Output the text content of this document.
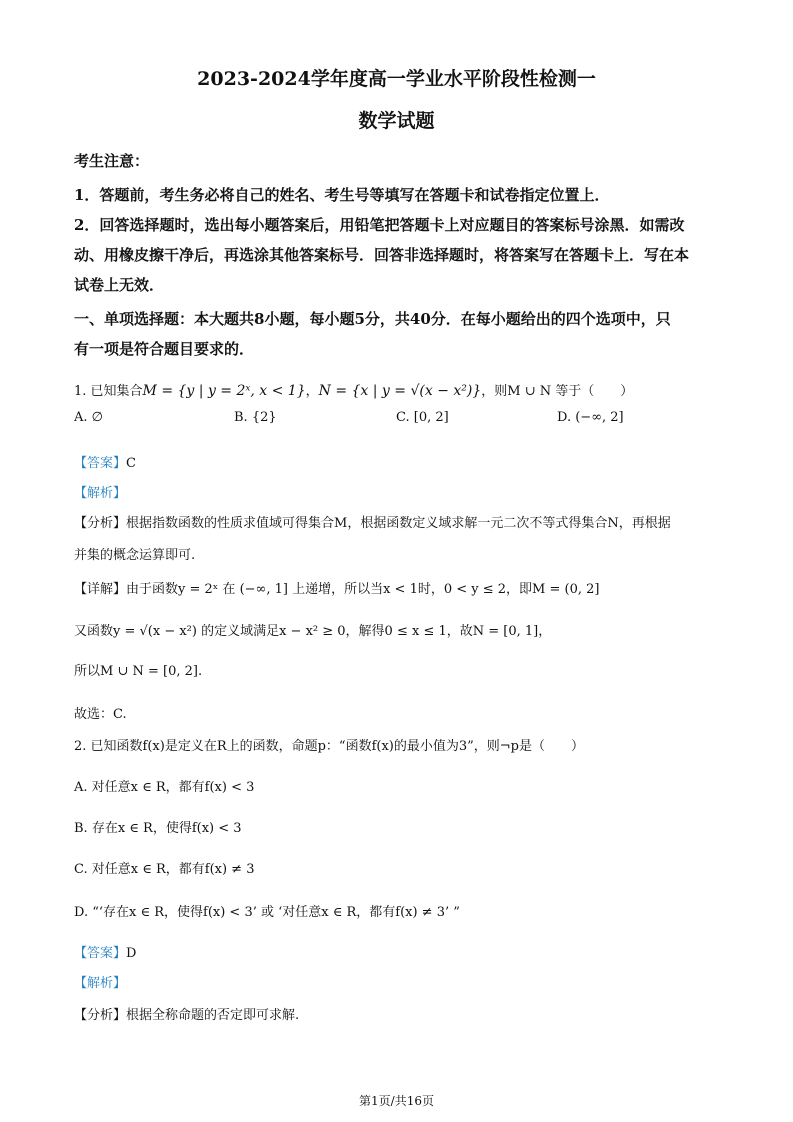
2023-2024学年度高一学业水平阶段性检测一
数学试题
考生注意：
1．答题前，考生务必将自己的姓名、考生号等填写在答题卡和试卷指定位置上．
2．回答选择题时，选出每小题答案后，用铅笔把答题卡上对应题目的答案标号涂黑．如需改
动、用橡皮擦干净后，再选涂其他答案标号．回答非选择题时，将答案写在答题卡上．写在本
试卷上无效．
一、单项选择题：本大题共8小题，每小题5分，共40分．在每小题给出的四个选项中，只
有一项是符合题目要求的．
1. 已知集合M = {y | y = 2ˣ, x < 1}，N = {x | y = √(x − x²)}，则M ∪ N 等于（　　）
A. ∅	B. {2}	C. [0, 2]	D. (−∞, 2]
【答案】C
【解析】
【分析】根据指数函数的性质求值域可得集合M，根据函数定义域求解一元二次不等式得集合N，再根据
并集的概念运算即可.
【详解】由于函数y = 2ˣ 在 (−∞, 1] 上递增，所以当x < 1时，0 < y ≤ 2，即M = (0, 2]
又函数y = √(x − x²) 的定义域满足x − x² ≥ 0，解得0 ≤ x ≤ 1，故N = [0, 1]，
所以M ∪ N = [0, 2].
故选：C.
2. 已知函数f(x)是定义在R上的函数，命题p：“函数f(x)的最小值为3”，则¬p是（　　）
A. 对任意x ∈ R，都有f(x) < 3
B. 存在x ∈ R，使得f(x) < 3
C. 对任意x ∈ R，都有f(x) ≠ 3
D. “‘存在x ∈ R，使得f(x) < 3’ 或 ‘对任意x ∈ R，都有f(x) ≠ 3’ ”
【答案】D
【解析】
【分析】根据全称命题的否定即可求解.
第1页/共16页
